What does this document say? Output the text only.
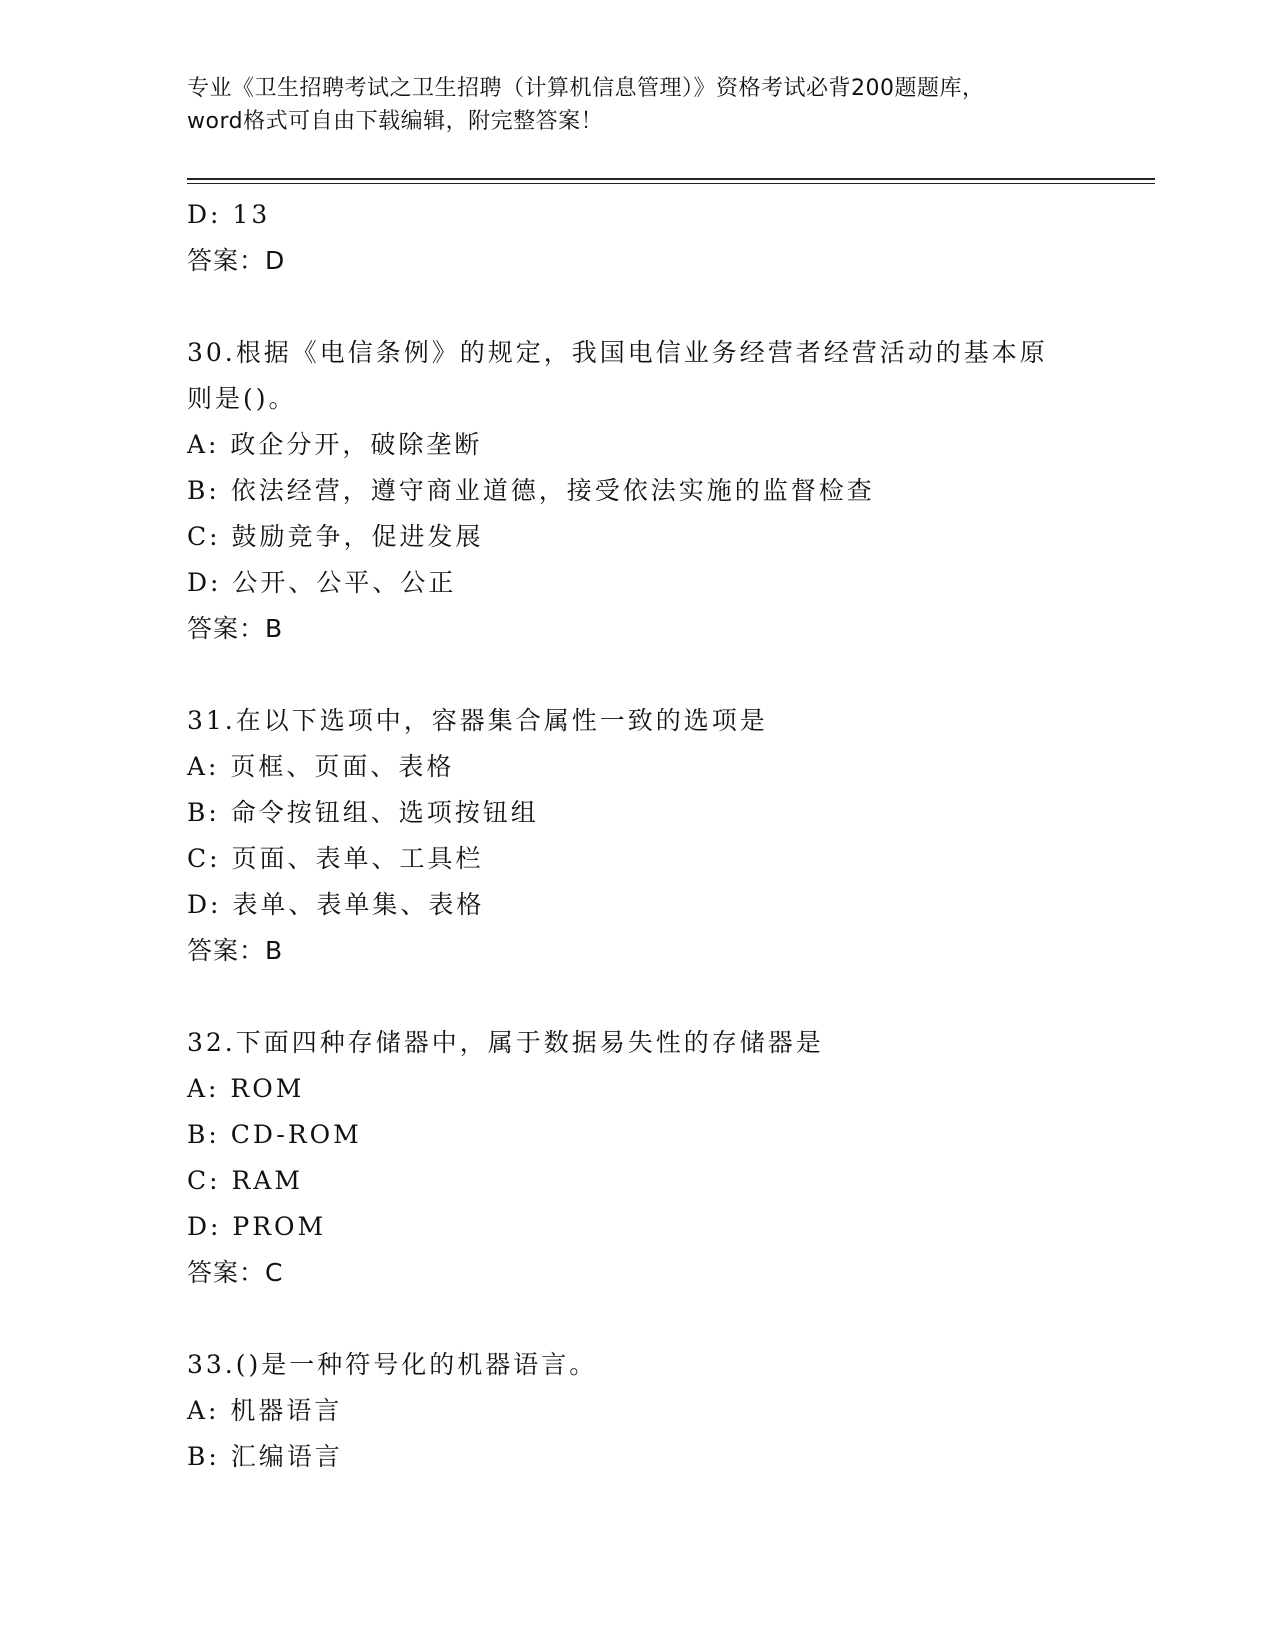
专业《卫生招聘考试之卫生招聘（计算机信息管理）》资格考试必背200题题库，
word格式可自由下载编辑，附完整答案！
D: 13
答案：D
30.根据《电信条例》的规定，我国电信业务经营者经营活动的基本原
则是()。
A: 政企分开，破除垄断
B: 依法经营，遵守商业道德，接受依法实施的监督检查
C: 鼓励竞争，促进发展
D: 公开、公平、公正
答案：B
31.在以下选项中，容器集合属性一致的选项是
A: 页框、页面、表格
B: 命令按钮组、选项按钮组
C: 页面、表单、工具栏
D: 表单、表单集、表格
答案：B
32.下面四种存储器中，属于数据易失性的存储器是
A: ROM
B: CD-ROM
C: RAM
D: PROM
答案：C
33.()是一种符号化的机器语言。
A: 机器语言
B: 汇编语言
